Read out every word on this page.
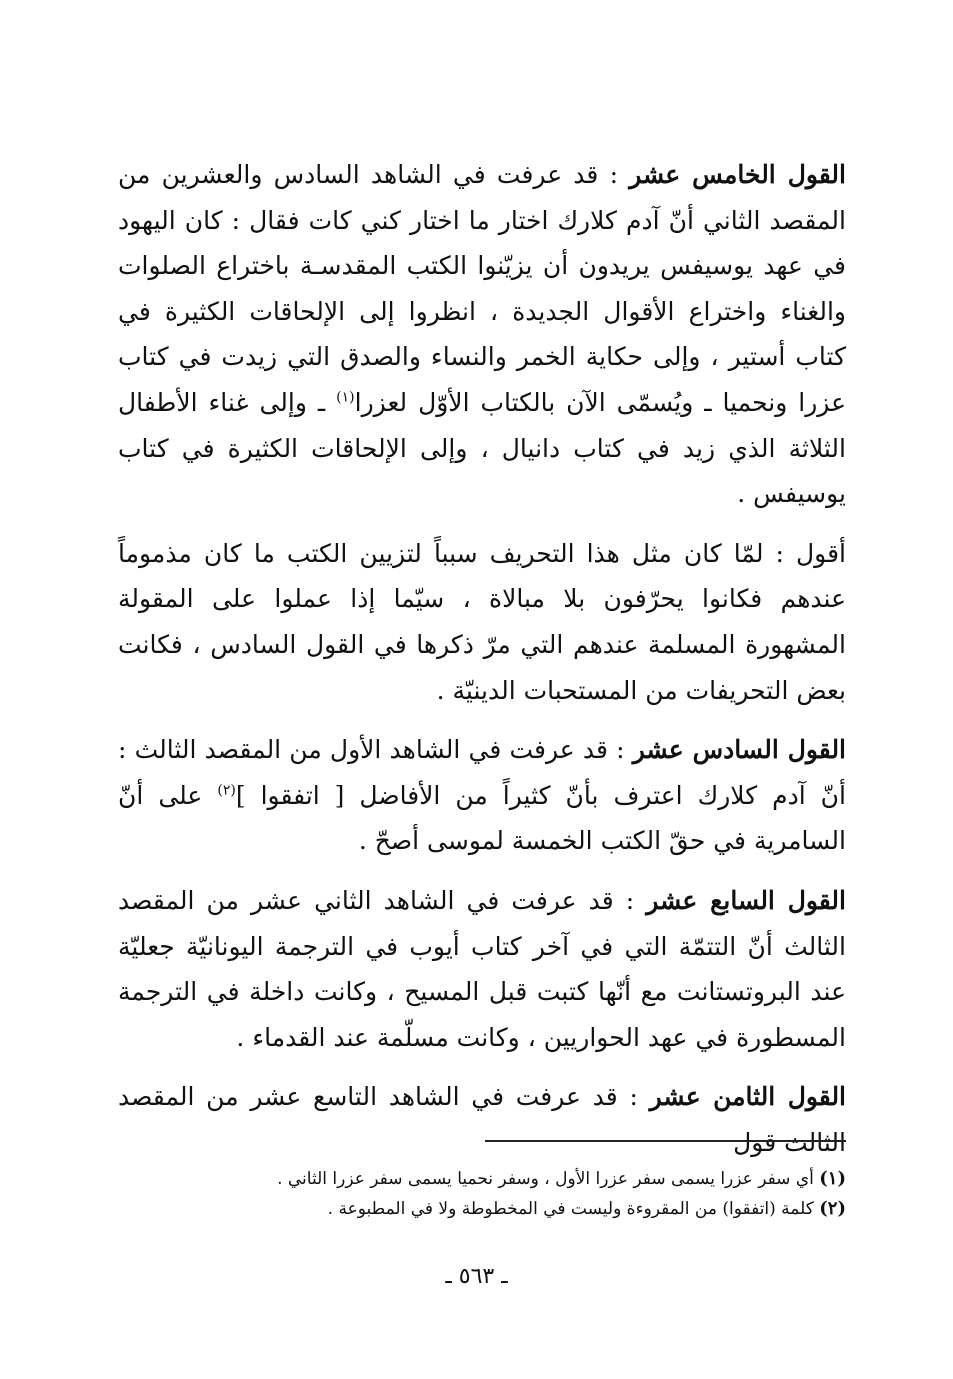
القول الخامس عشر : قد عرفت في الشاهد السادس والعشرين من المقصد الثاني أنّ آدم كلارك اختار ما اختار كني كات فقال : كان اليهود في عهد يوسيفس يريدون أن يزيّنوا الكتب المقدسـة باختراع الصلوات والغناء واختراع الأقوال الجديدة ، انظروا إلى الإلحاقات الكثيرة في كتاب أستير ، وإلى حكاية الخمر والنساء والصدق التي زيدت في كتاب عزرا ونحميا ـ ويُسمّى الآن بالكتاب الأوّل لعزرا$^{(١)}$ ـ وإلى غناء الأطفال الثلاثة الذي زيد في كتاب دانيال ، وإلى الإلحاقات الكثيرة في كتاب يوسيفس .

أقول : لمّا كان مثل هذا التحريف سبباً لتزيين الكتب ما كان مذموماً عندهم فكانوا يحرّفون بلا مبالاة ، سيّما إذا عملوا على المقولة المشهورة المسلمة عندهم التي مرّ ذكرها في القول السادس ، فكانت بعض التحريفات من المستحبات الدينيّة .

القول السادس عشر : قد عرفت في الشاهد الأول من المقصد الثالث : أنّ آدم كلارك اعترف بأنّ كثيراً من الأفاضل [ اتفقوا ]$^{(٢)}$ على أنّ السامرية في حقّ الكتب الخمسة لموسى أصحّ .

القول السابع عشر : قد عرفت في الشاهد الثاني عشر من المقصد الثالث أنّ التتمّة التي في آخر كتاب أيوب في الترجمة اليونانيّة جعليّة عند البروتستانت مع أنّها كتبت قبل المسيح ، وكانت داخلة في الترجمة المسطورة في عهد الحواريين ، وكانت مسلّمة عند القدماء .

القول الثامن عشر : قد عرفت في الشاهد التاسع عشر من المقصد الثالث قول

(١) أي سفر عزرا يسمى سفر عزرا الأول ، وسفر نحميا يسمى سفر عزرا الثاني .

(٢) كلمة (اتفقوا) من المقروءة وليست في المخطوطة ولا في المطبوعة .

ـ ٥٦٣ ـ
